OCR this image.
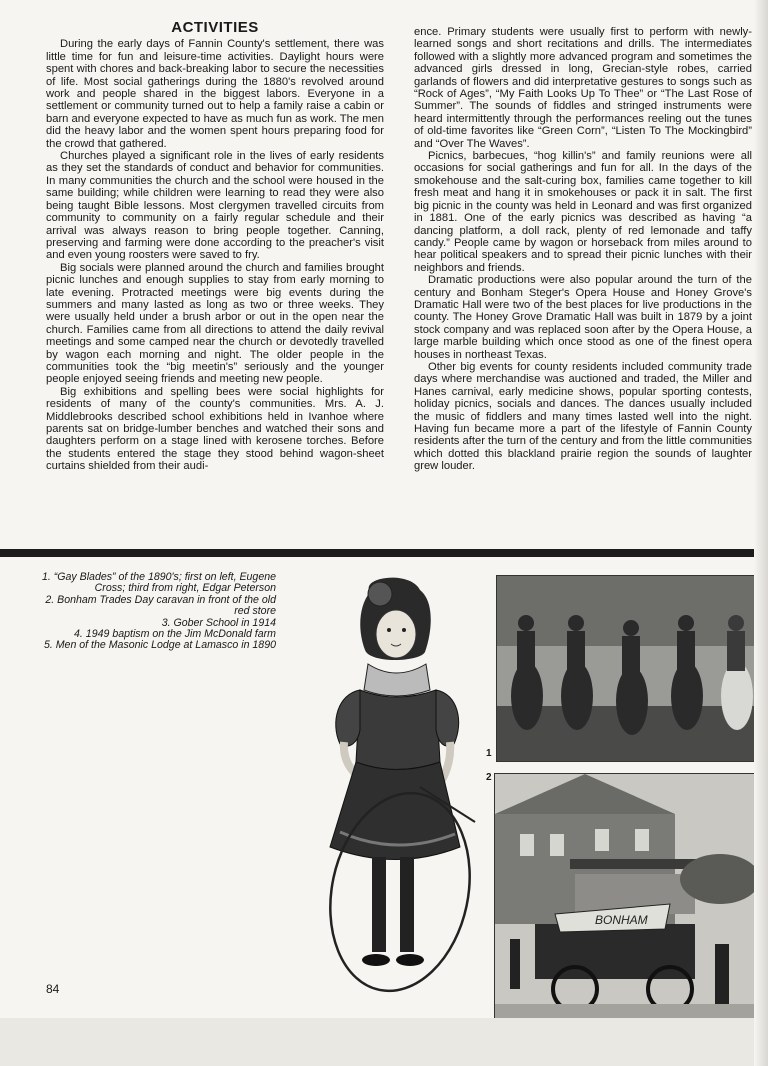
ACTIVITIES

During the early days of Fannin County's settlement, there was little time for fun and leisure-time activities. Daylight hours were spent with chores and back-breaking labor to secure the necessities of life. Most social gatherings during the 1880's revolved around work and people shared in the biggest labors. Everyone in a settlement or community turned out to help a family raise a cabin or barn and everyone expected to have as much fun as work. The men did the heavy labor and the women spent hours preparing food for the crowd that gathered.

Churches played a significant role in the lives of early residents as they set the standards of conduct and behavior for communities. In many communities the church and the school were housed in the same building; while children were learning to read they were also being taught Bible lessons. Most clergymen travelled circuits from community to community on a fairly regular schedule and their arrival was always reason to bring people together. Canning, preserving and farming were done according to the preacher's visit and even young roosters were saved to fry.

Big socials were planned around the church and families brought picnic lunches and enough supplies to stay from early morning to late evening. Protracted meetings were big events during the summers and many lasted as long as two or three weeks. They were usually held under a brush arbor or out in the open near the church. Families came from all directions to attend the daily revival meetings and some camped near the church or devotedly travelled by wagon each morning and night. The older people in the communities took the “big meetin's” seriously and the younger people enjoyed seeing friends and meeting new people.

Big exhibitions and spelling bees were social highlights for residents of many of the county's communities. Mrs. A. J. Middlebrooks described school exhibitions held in Ivanhoe where parents sat on bridge-lumber benches and watched their sons and daughters perform on a stage lined with kerosene torches. Before the students entered the stage they stood behind wagon-sheet curtains shielded from their audi-

ence. Primary students were usually first to perform with newly-learned songs and short recitations and drills. The intermediates followed with a slightly more advanced program and sometimes the advanced girls dressed in long, Grecian-style robes, carried garlands of flowers and did interpretative gestures to songs such as “Rock of Ages”, “My Faith Looks Up To Thee” or “The Last Rose of Summer”. The sounds of fiddles and stringed instruments were heard intermittently through the performances reeling out the tunes of old-time favorites like “Green Corn”, “Listen To The Mockingbird” and “Over The Waves”.

Picnics, barbecues, “hog killin's” and family reunions were all occasions for social gatherings and fun for all. In the days of the smokehouse and the salt-curing box, families came together to kill fresh meat and hang it in smokehouses or pack it in salt. The first big picnic in the county was held in Leonard and was first organized in 1881. One of the early picnics was described as having “a dancing platform, a doll rack, plenty of red lemonade and taffy candy.” People came by wagon or horseback from miles around to hear political speakers and to spread their picnic lunches with their neighbors and friends.

Dramatic productions were also popular around the turn of the century and Bonham Steger's Opera House and Honey Grove's Dramatic Hall were two of the best places for live productions in the county. The Honey Grove Dramatic Hall was built in 1879 by a joint stock company and was replaced soon after by the Opera House, a large marble building which once stood as one of the finest opera houses in northeast Texas.

Other big events for county residents included community trade days where merchandise was auctioned and traded, the Miller and Hanes carnival, early medicine shows, popular sporting contests, holiday picnics, socials and dances. The dances usually included the music of fiddlers and many times lasted well into the night. Having fun became more a part of the lifestyle of Fannin County residents after the turn of the century and from the little communities which dotted this blackland prairie region the sounds of laughter grew louder.

1. “Gay Blades” of the 1890's; first on left, Eugene Cross; third from right, Edgar Peterson
2. Bonham Trades Day caravan in front of the old red store
3. Gober School in 1914
4. 1949 baptism on the Jim McDonald farm
5. Men of the Masonic Lodge at Lamasco in 1890
1
BONHAM
2
84
